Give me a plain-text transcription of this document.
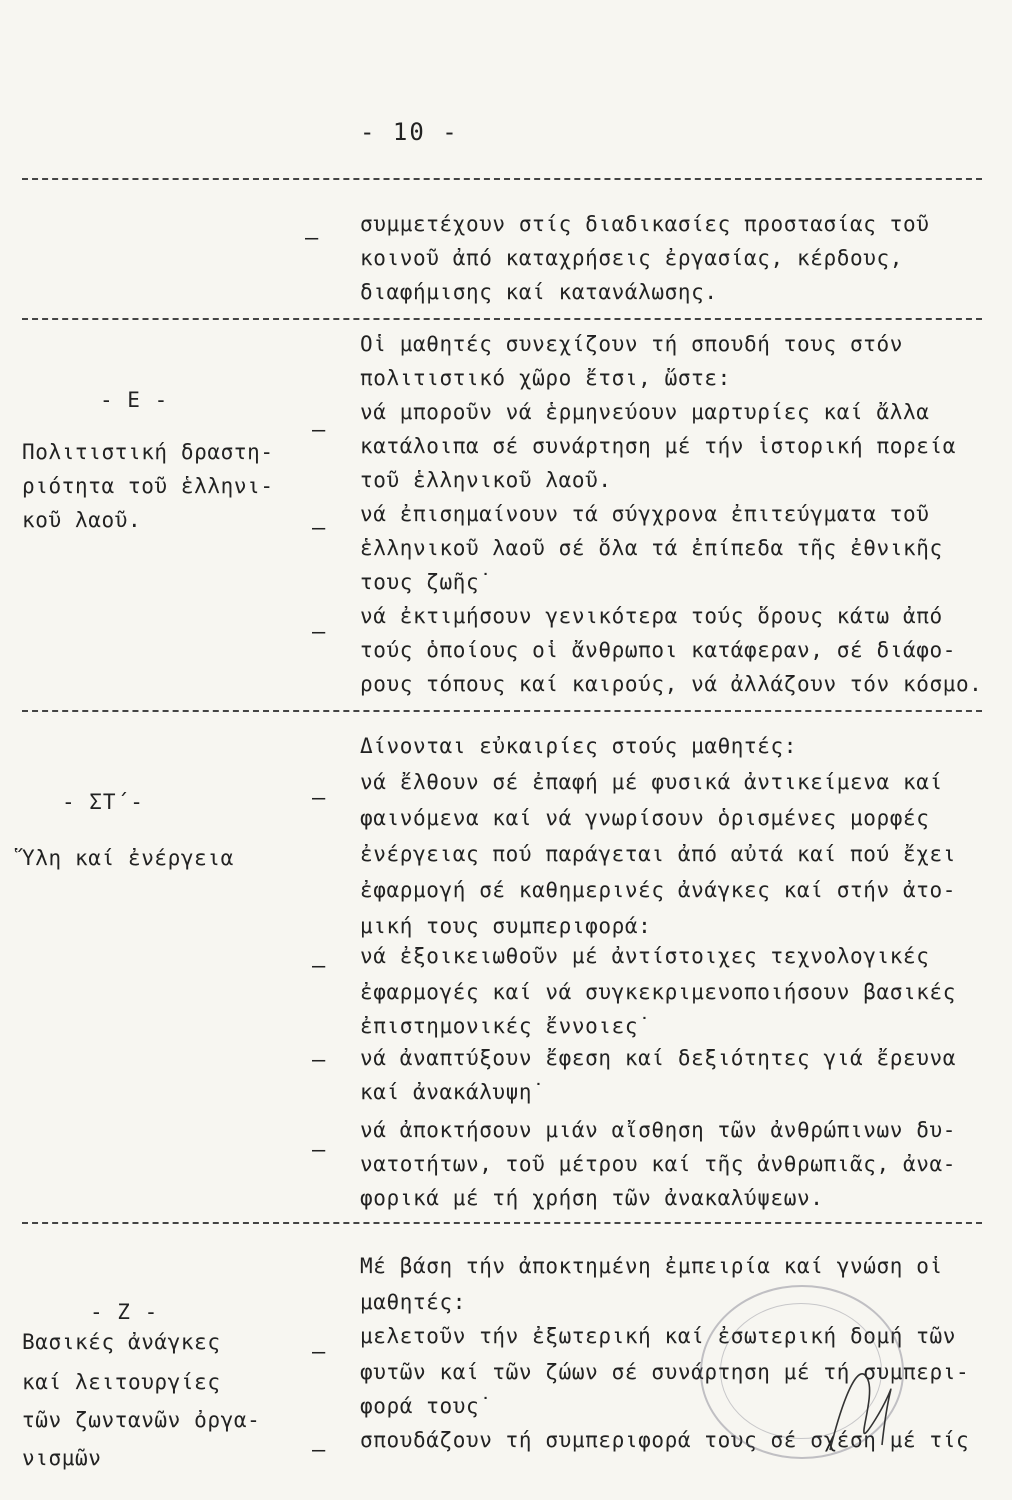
- 10 -
–
συμμετέχουν στίς διαδικασίες προστασίας τοῦ
κοινοῦ ἀπό καταχρήσεις ἐργασίας, κέρδους,
διαφήμισης καί κατανάλωσης.
- Ε -
Πολιτιστική δραστη-
ριότητα τοῦ ἑλληνι-
κοῦ λαοῦ.
Οἱ μαθητές συνεχίζουν τή σπουδή τους στόν
πολιτιστικό χῶρο ἔτσι, ὥστε:
–
νά μποροῦν νά ἑρμηνεύουν μαρτυρίες καί ἄλλα
κατάλοιπα σέ συνάρτηση μέ τήν ἱστορική πορεία
τοῦ ἑλληνικοῦ λαοῦ.
–
νά ἐπισημαίνουν τά σύγχρονα ἐπιτεύγματα τοῦ
ἑλληνικοῦ λαοῦ σέ ὅλα τά ἐπίπεδα τῆς ἐθνικῆς
τους ζωῆς˙
–
νά ἐκτιμήσουν γενικότερα τούς ὅρους κάτω ἀπό
τούς ὁποίους οἱ ἄνθρωποι κατάφεραν, σέ διάφο-
ρους τόπους καί καιρούς, νά ἀλλάζουν τόν κόσμο.
- ΣΤ΄-
Ὕλη καί ἐνέργεια
Δίνονται εὐκαιρίες στούς μαθητές:
–
νά ἔλθουν σέ ἐπαφή μέ φυσικά ἀντικείμενα καί
φαινόμενα καί νά γνωρίσουν ὁρισμένες μορφές
ἐνέργειας πού παράγεται ἀπό αὐτά καί πού ἔχει
ἐφαρμογή σέ καθημερινές ἀνάγκες καί στήν ἀτο-
μική τους συμπεριφορά:
– νά ἐξοικειωθοῦν μέ ἀντίστοιχες τεχνολογικές
ἐφαρμογές καί νά συγκεκριμενοποιήσουν βασικές
ἐπιστημονικές ἔννοιες˙
– νά ἀναπτύξουν ἔφεση καί δεξιότητες γιά ἔρευνα
καί ἀνακάλυψη˙
–
νά ἀποκτήσουν μιάν αἴσθηση τῶν ἀνθρώπινων δυ-
νατοτήτων, τοῦ μέτρου καί τῆς ἀνθρωπιᾶς, ἀνα-
φορικά μέ τή χρήση τῶν ἀνακαλύψεων.
- Ζ -
Βασικές ἀνάγκες
καί λειτουργίες
τῶν ζωντανῶν ὀργα-
νισμῶν
Μέ βάση τήν ἀποκτημένη ἐμπειρία καί γνώση οἱ
μαθητές:
–
μελετοῦν τήν ἐξωτερική καί ἐσωτερική δομή τῶν
φυτῶν καί τῶν ζώων σέ συνάρτηση μέ τή συμπερι-
φορά τους˙
– σπουδάζουν τή συμπεριφορά τους σέ σχέση μέ τίς
